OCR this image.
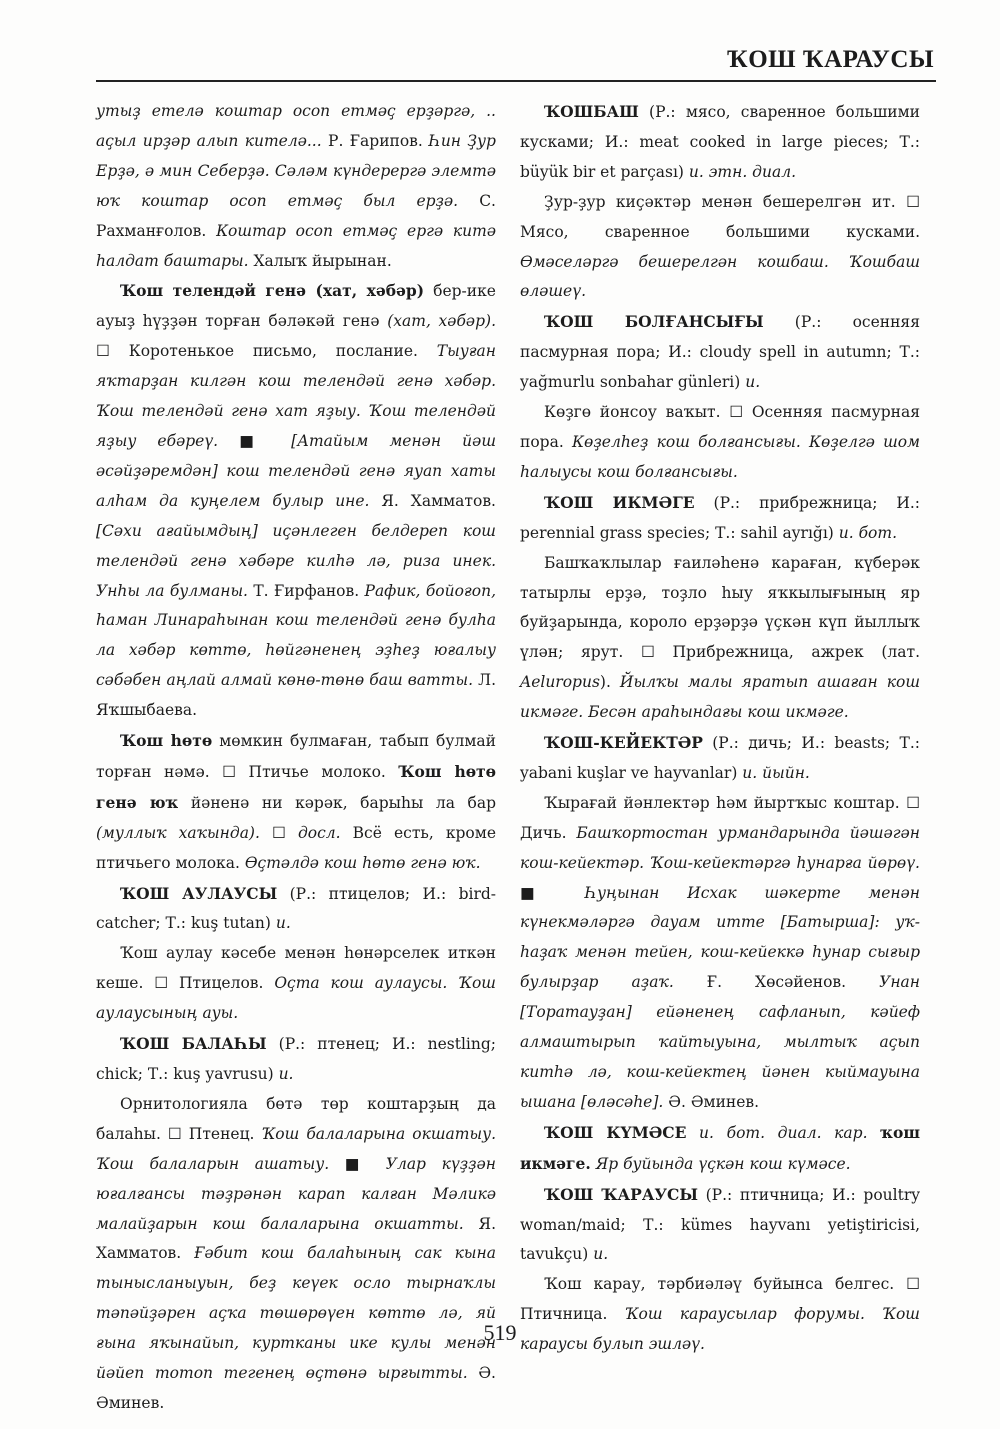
ҠОШ ҠАРАУСЫ

утыҙ етелә коштар осоп етмәҫ ерҙәргә, .. аҫыл ирҙәр алып кителә... Р. Ғарипов. Һин Ҙур Ерҙә, ә мин Себерҙә. Сәләм күндерергә элемтә юҡ коштар осоп етмәҫ был ерҙә. С. Рахманғолов. Коштар осоп етмәҫ ергә китә һалдат баштары. Халыҡ йырынан.

Ҡош телендәй генә (хат, хәбәр) бер-ике ауыҙ һүҙҙән торған бәләкәй генә (хат, хәбәр). ☐ Коротенькое письмо, послание. Тыуған яҡтарҙан килгән кош телендәй генә хәбәр. Ҡош телендәй генә хат яҙыу. Ҡош телендәй яҙыу ебәреү. ■ [Атайым менән йәш әсәйҙәремдән] кош телендәй генә яуап хаты алһам да куңелем булыр ине. Я. Хамматов. [Сәхи ағайымдың] иҫәнлеген белдереп кош телендәй генә хәбәре килһә лә, риза инек. Унһы ла булманы. Т. Ғирфанов. Рафик, бойоғоп, һаман Линараһынан кош телендәй генә булһа ла хәбәр көттө, һөйгәненең эҙһеҙ юғалыу сәбәбен аңлай алмай көнө-төнө баш ватты. Л. Яҡшыбаева.

Ҡош һөтө мөмкин булмаған, табып булмай торған нәмә. ☐ Птичье молоко. Ҡош һөтө генә юҡ йәненә ни кәрәк, барыһы ла бар (муллыҡ хаҡында). ☐ досл. Всё есть, кроме птичьего молока. Өҫтәлдә кош һөтө генә юҡ.

ҠОШ АУЛАУСЫ (Р.: птицелов; И.: bird-catcher; Т.: kuş tutan) и.

Ҡош аулау кәсебе менән һөнәрселек иткән кеше. ☐ Птицелов. Оҫта кош аулаусы. Ҡош аулаусының ауы.

ҠОШ БАЛАҺЫ (Р.: птенец; И.: nestling; chick; Т.: kuş yavrusu) и.

Орнитологияла бөтә төр коштарҙың да балаһы. ☐ Птенец. Ҡош балаларына окшатыу. Ҡош балаларын ашатыу. ■ Улар күҙҙән юғалғансы тәҙрәнән карап калған Мәликә малайҙарын кош балаларына окшатты. Я. Хамматов. Ғәбит кош балаһының сак кына тынысланыуын, беҙ кеүек осло тырнаҡлы тәпәйҙәрен аҫҡа төшөрөүен көттө лә, яй ғына яҡынайып, куртканы ике кулы менән йәйеп тотоп тегенең өҫтөнә ырғытты. Ә. Әминев.

ҠОШБАШ (Р.: мясо, сваренное большими кусками; И.: meat cooked in large pieces; Т.: büyük bir et parçası) и. этн. диал.

Ҙур-ҙур киҫәктәр менән бешерелгән ит. ☐ Мясо, сваренное большими кусками. Өмәселәргә бешерелгән кошбаш. Ҡошбаш өләшеү.

ҠОШ БОЛҒАНСЫҒЫ (Р.: осенняя пасмурная пора; И.: cloudy spell in autumn; Т.: yağmurlu sonbahar günleri) и.

Көҙгө йонсоу ваҡыт. ☐ Осенняя пасмурная пора. Көҙелһеҙ кош болғансығы. Көҙелгә шом һалыусы кош болғансығы.

ҠОШ ИКМӘГЕ (Р.: прибрежница; И.: perennial grass species; Т.: sahil ayrığı) и. бот.

Башҡаҡлылар ғаиләһенә караған, күберәк татырлы ерҙә, тоҙло һыу яҡкылығының яр буйҙарында, короло ерҙәрҙә үҫкән күп йыллыҡ үлән; ярут. ☐ Прибрежница, ажрек (лат. Aeluropus). Йылҡы малы яратып ашаған кош икмәге. Бесән араһындағы кош икмәге.

ҠОШ-КЕЙЕКТӘР (Р.: дичь; И.: beasts; Т.: yabani kuşlar ve hayvanlar) и. йыйн.

Ҡырағай йәнлектәр һәм йыртҡыс коштар. ☐ Дичь. Башҡортостан урмандарында йәшәгән кош-кейектәр. Ҡош-кейектәргә һунарға йөрөү. ■ Һуңынан Исхак шәкерте менән күнекмәләргә дауам итте [Батырша]: уҡ-һаҙаҡ менән тейен, кош-кейеккә һунар сығыр булырҙар аҙаҡ. Ғ. Хөсәйенов. Унан [Торатауҙан] ейәненең сафланып, кәйеф алмаштырып ҡайтыуына, мылтыҡ аҫып китһә лә, кош-кейектең йәнен кыймауына ышана [өләсәһе]. Ә. Әминев.

ҠОШ КҮМӘСЕ и. бот. диал. кар. ҡош икмәге. Яр буйында үҫкән кош күмәсе.

ҠОШ ҠАРАУСЫ (Р.: птичница; И.: poultry woman/maid; Т.: kümes hayvanı yetiştiricisi, tavukçu) и.

Ҡош карау, тәрбиәләү буйынса белгес. ☐ Птичница. Ҡош караусылар форумы. Ҡош караусы булып эшләү.

519
